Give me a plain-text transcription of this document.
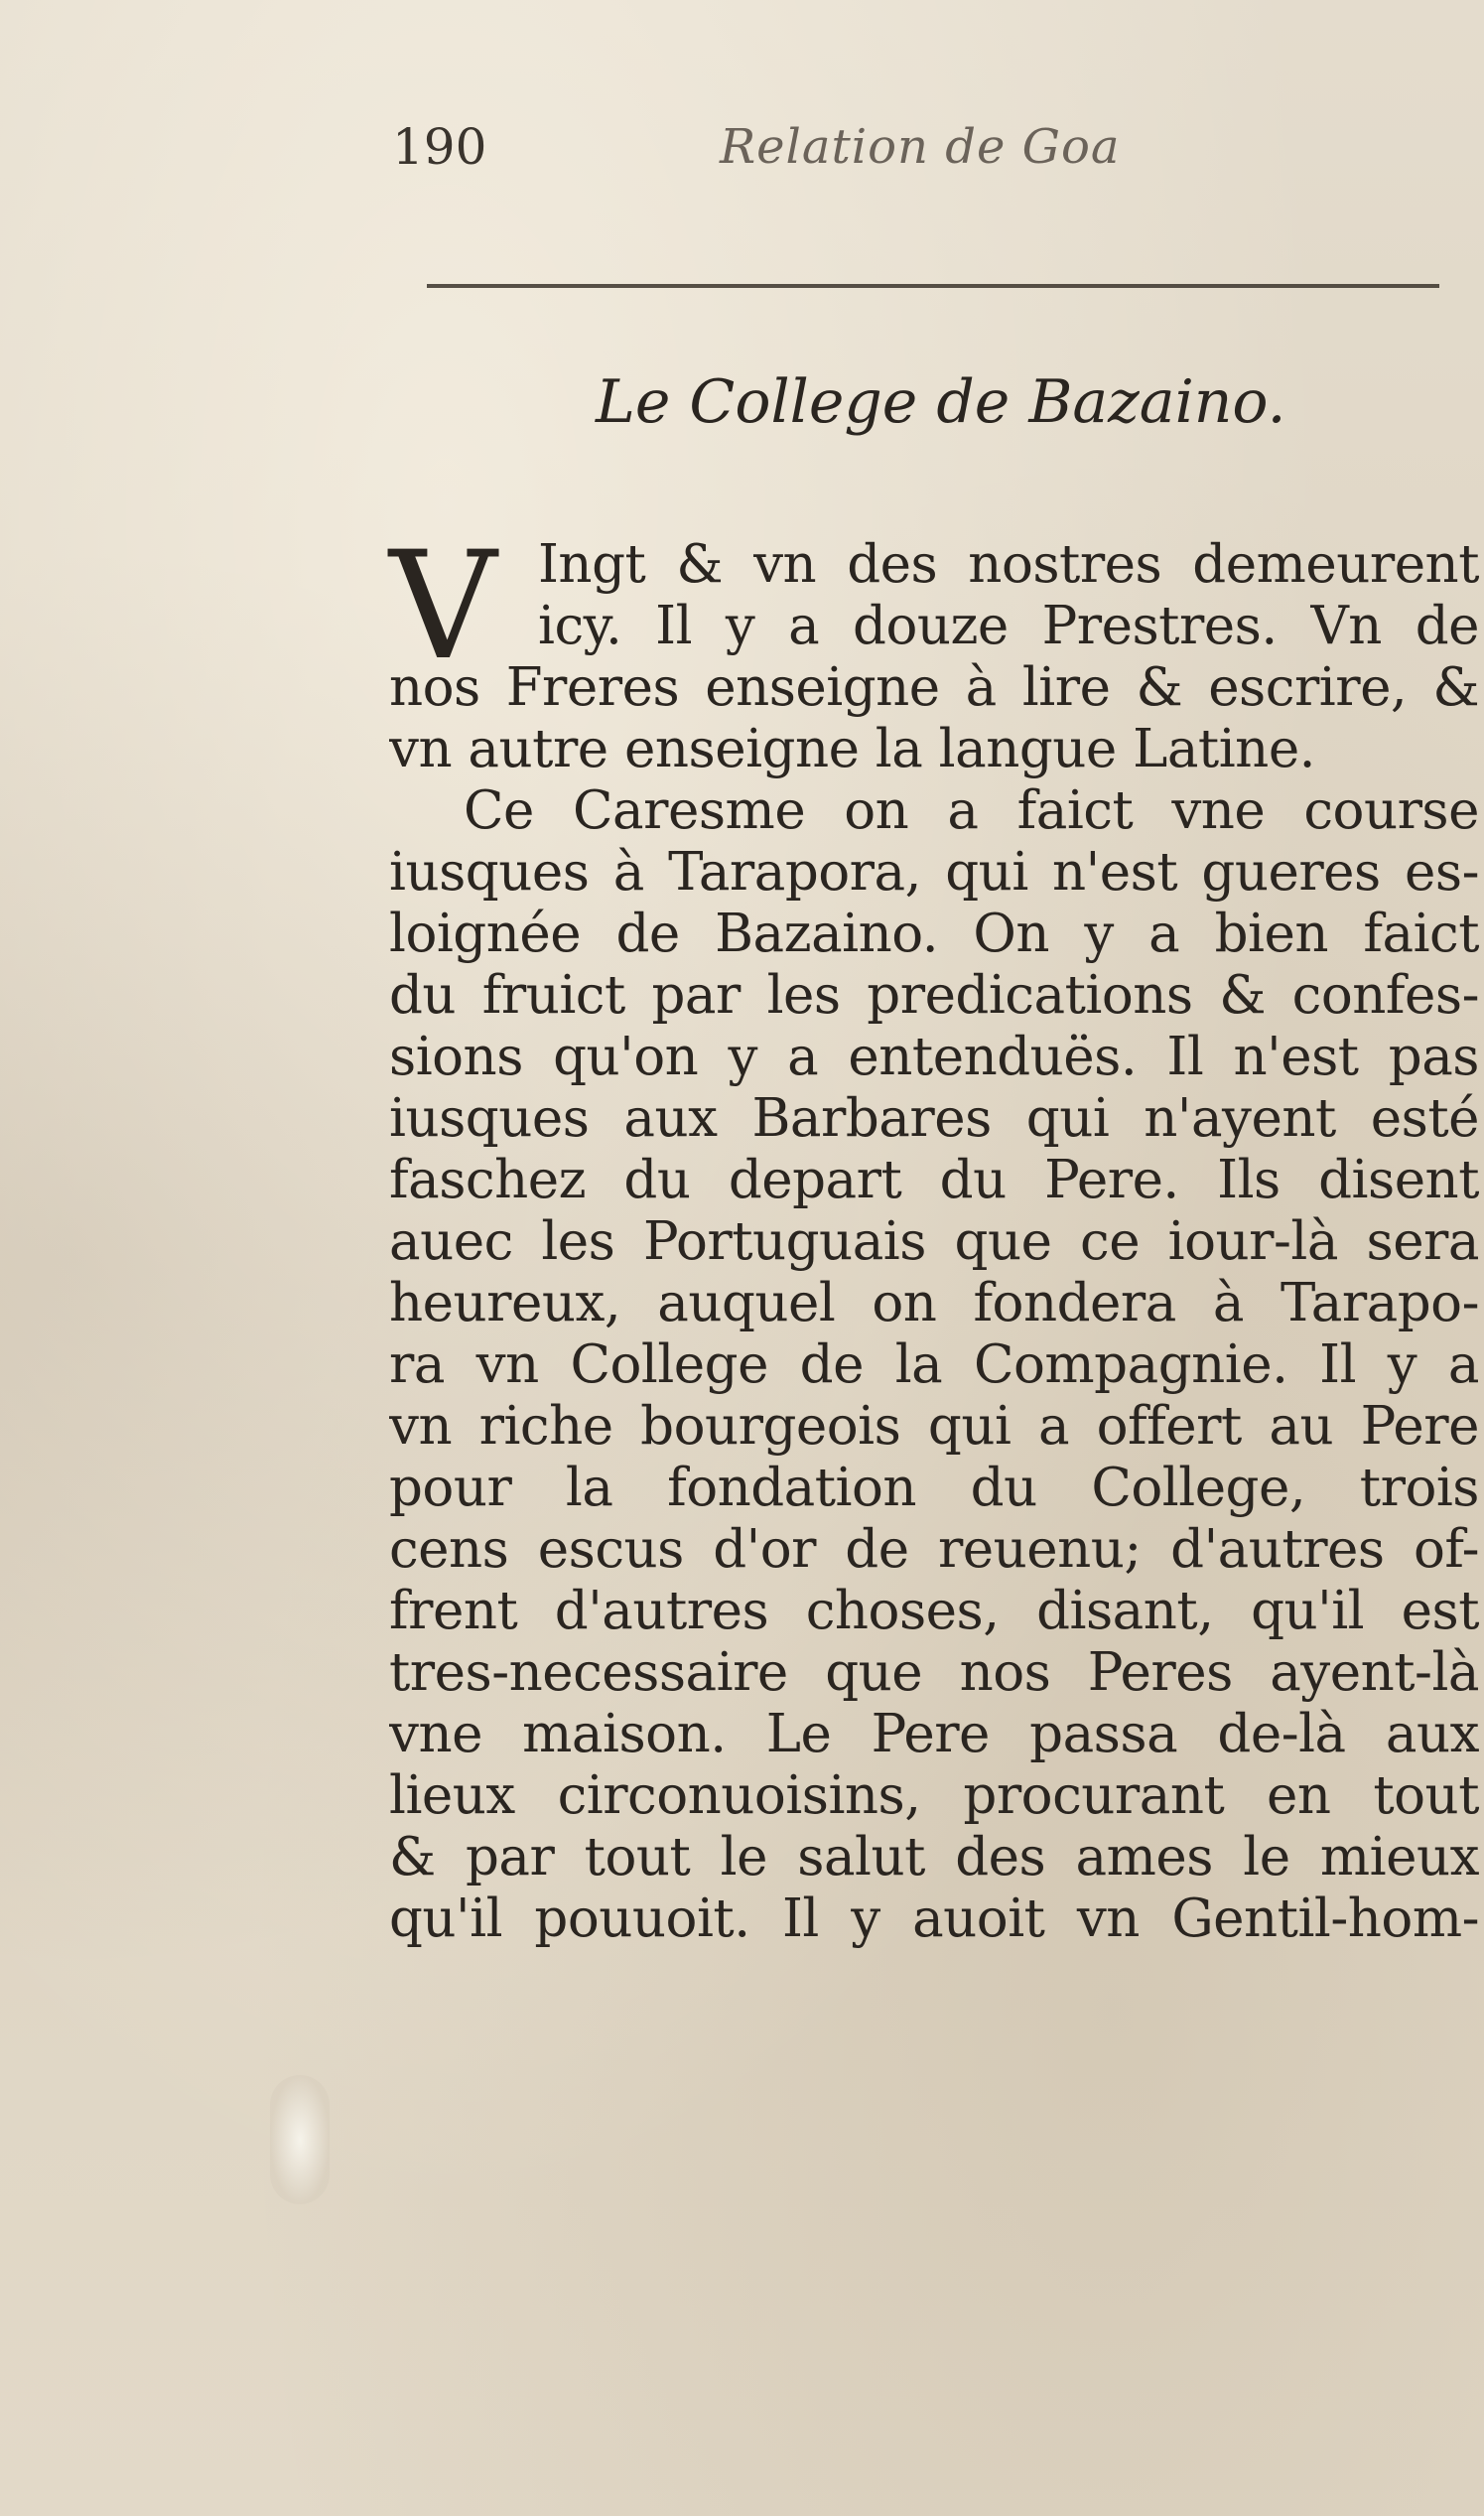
190	Relation de Goa
Le College de Bazaino.
V Ingt & vn des nostres demeurent
icy. Il y a douze Prestres. Vn de
nos Freres enseigne à lire & escrire, &
vn autre enseigne la langue Latine.
Ce Caresme on a faict vne course
iusques à Tarapora, qui n'est gueres es-
loignée de Bazaino. On y a bien faict
du fruict par les predications & confes-
sions qu'on y a entenduës. Il n'est pas
iusques aux Barbares qui n'ayent esté
faschez du depart du Pere. Ils disent
auec les Portuguais que ce iour-là sera
heureux, auquel on fondera à Tarapo-
ra vn College de la Compagnie. Il y a
vn riche bourgeois qui a offert au Pere
pour la fondation du College, trois
cens escus d'or de reuenu; d'autres of-
frent d'autres choses, disant, qu'il est
tres-necessaire que nos Peres ayent-là
vne maison. Le Pere passa de-là aux
lieux circonuoisins, procurant en tout
& par tout le salut des ames le mieux
qu'il pouuoit. Il y auoit vn Gentil-hom-
